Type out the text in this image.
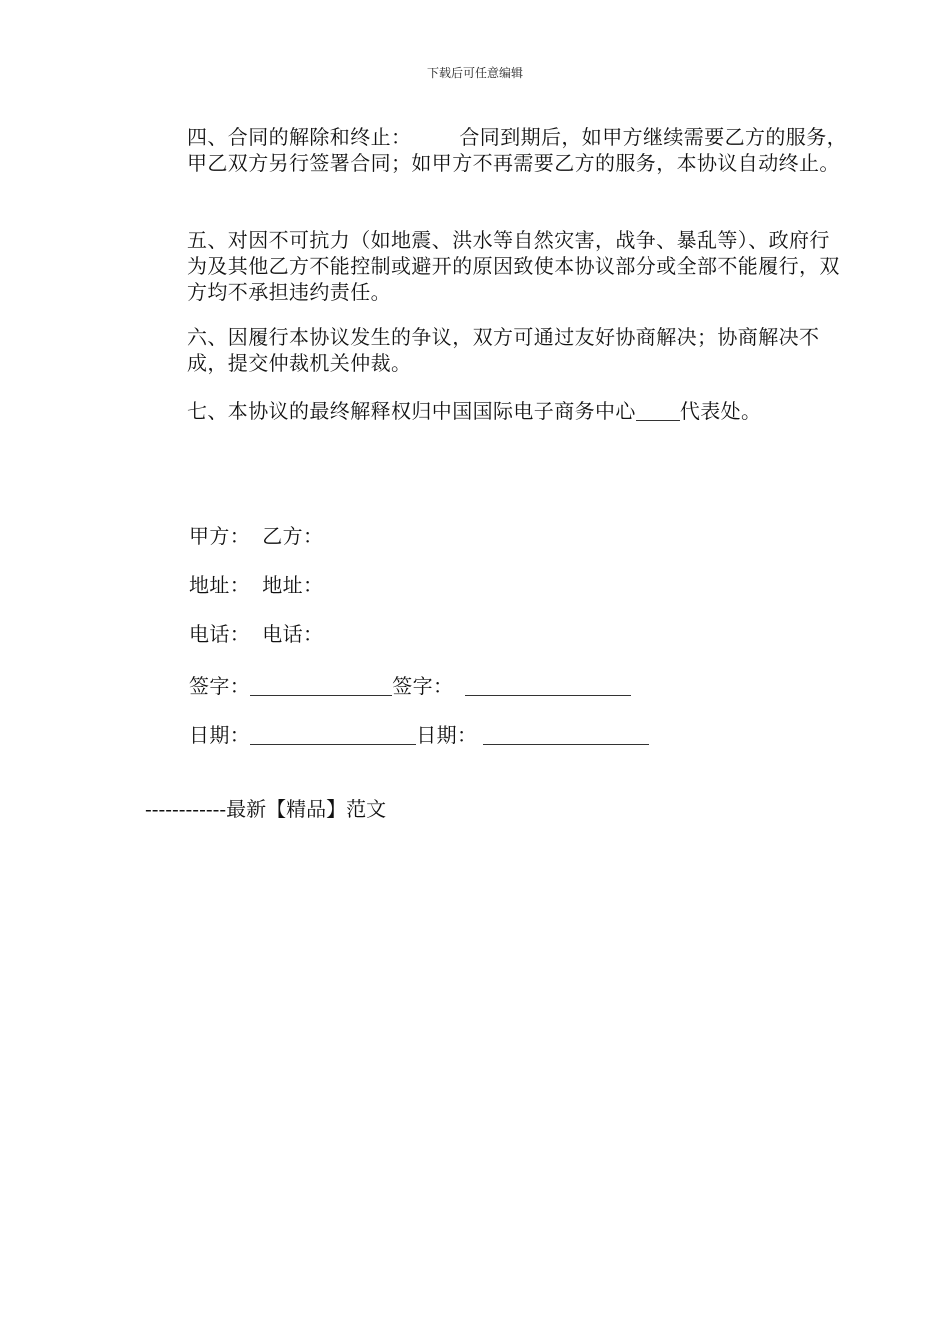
下载后可任意编辑

四、合同的解除和终止： 合同到期后，如甲方继续需要乙方的服务，甲乙双方另行签署合同；如甲方不再需要乙方的服务，本协议自动终止。

五、对因不可抗力（如地震、洪水等自然灾害，战争、暴乱等）、政府行为及其他乙方不能控制或避开的原因致使本协议部分或全部不能履行，双方均不承担违约责任。

六、因履行本协议发生的争议，双方可通过友好协商解决；协商解决不成，提交仲裁机关仲裁。

七、本协议的最终解释权归中国国际电子商务中心 代表处。

甲方： 乙方：
地址： 地址：
电话： 电话：
签字：	签字：
日期：	日期：
------------最新【精品】范文
